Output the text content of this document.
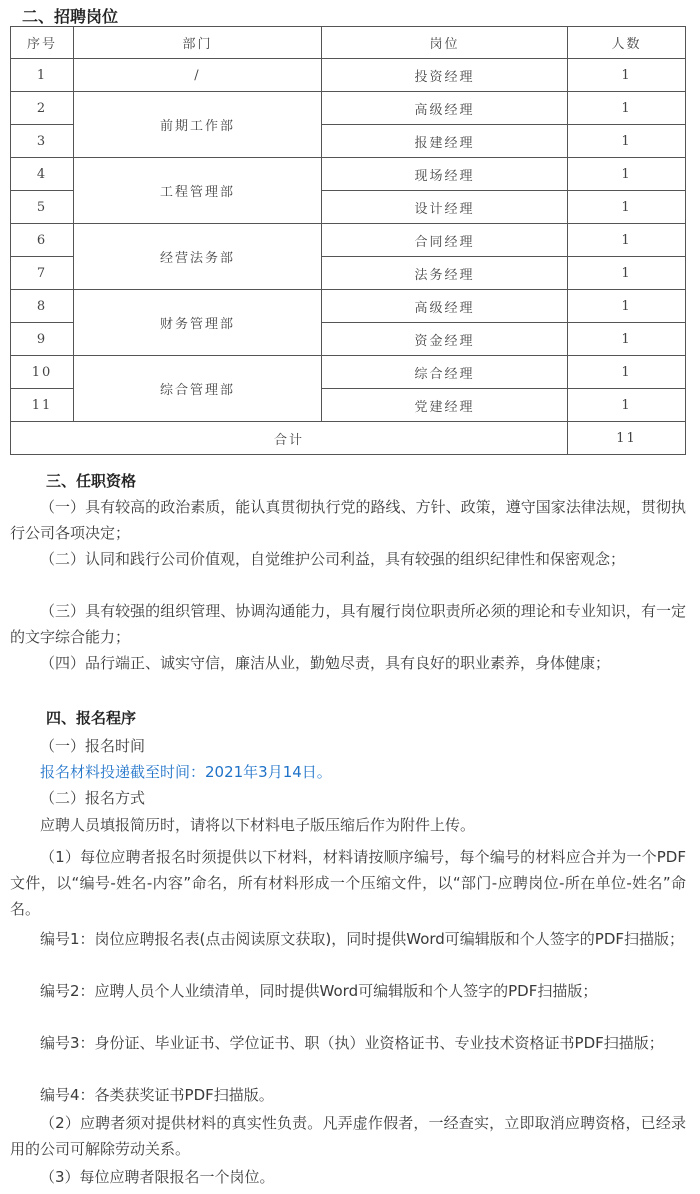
二、招聘岗位
序号	部门	岗位	人数
1	/	投资经理	1
2	前期工作部	高级经理	1
3		报建经理	1
4	工程管理部	现场经理	1
5		设计经理	1
6	经营法务部	合同经理	1
7		法务经理	1
8	财务管理部	高级经理	1
9		资金经理	1
10	综合管理部	综合经理	1
11		党建经理	1
合计			11
三、任职资格

（一）具有较高的政治素质，能认真贯彻执行党的路线、方针、政策，遵守国家法律法规，贯彻执行公司各项决定；

（二）认同和践行公司价值观，自觉维护公司利益，具有较强的组织纪律性和保密观念；

（三）具有较强的组织管理、协调沟通能力，具有履行岗位职责所必须的理论和专业知识，有一定的文字综合能力；

（四）品行端正、诚实守信，廉洁从业，勤勉尽责，具有良好的职业素养，身体健康；

四、报名程序

（一）报名时间

报名材料投递截至时间：2021年3月14日。

（二）报名方式

应聘人员填报简历时，请将以下材料电子版压缩后作为附件上传。

（1）每位应聘者报名时须提供以下材料，材料请按顺序编号，每个编号的材料应合并为一个PDF文件，以“编号-姓名-内容”命名，所有材料形成一个压缩文件，以“部门-应聘岗位-所在单位-姓名”命名。

编号1：岗位应聘报名表(点击阅读原文获取)，同时提供Word可编辑版和个人签字的PDF扫描版；

编号2：应聘人员个人业绩清单，同时提供Word可编辑版和个人签字的PDF扫描版；

编号3：身份证、毕业证书、学位证书、职（执）业资格证书、专业技术资格证书PDF扫描版；

编号4：各类获奖证书PDF扫描版。

（2）应聘者须对提供材料的真实性负责。凡弄虚作假者，一经查实，立即取消应聘资格，已经录用的公司可解除劳动关系。

（3）每位应聘者限报名一个岗位。
